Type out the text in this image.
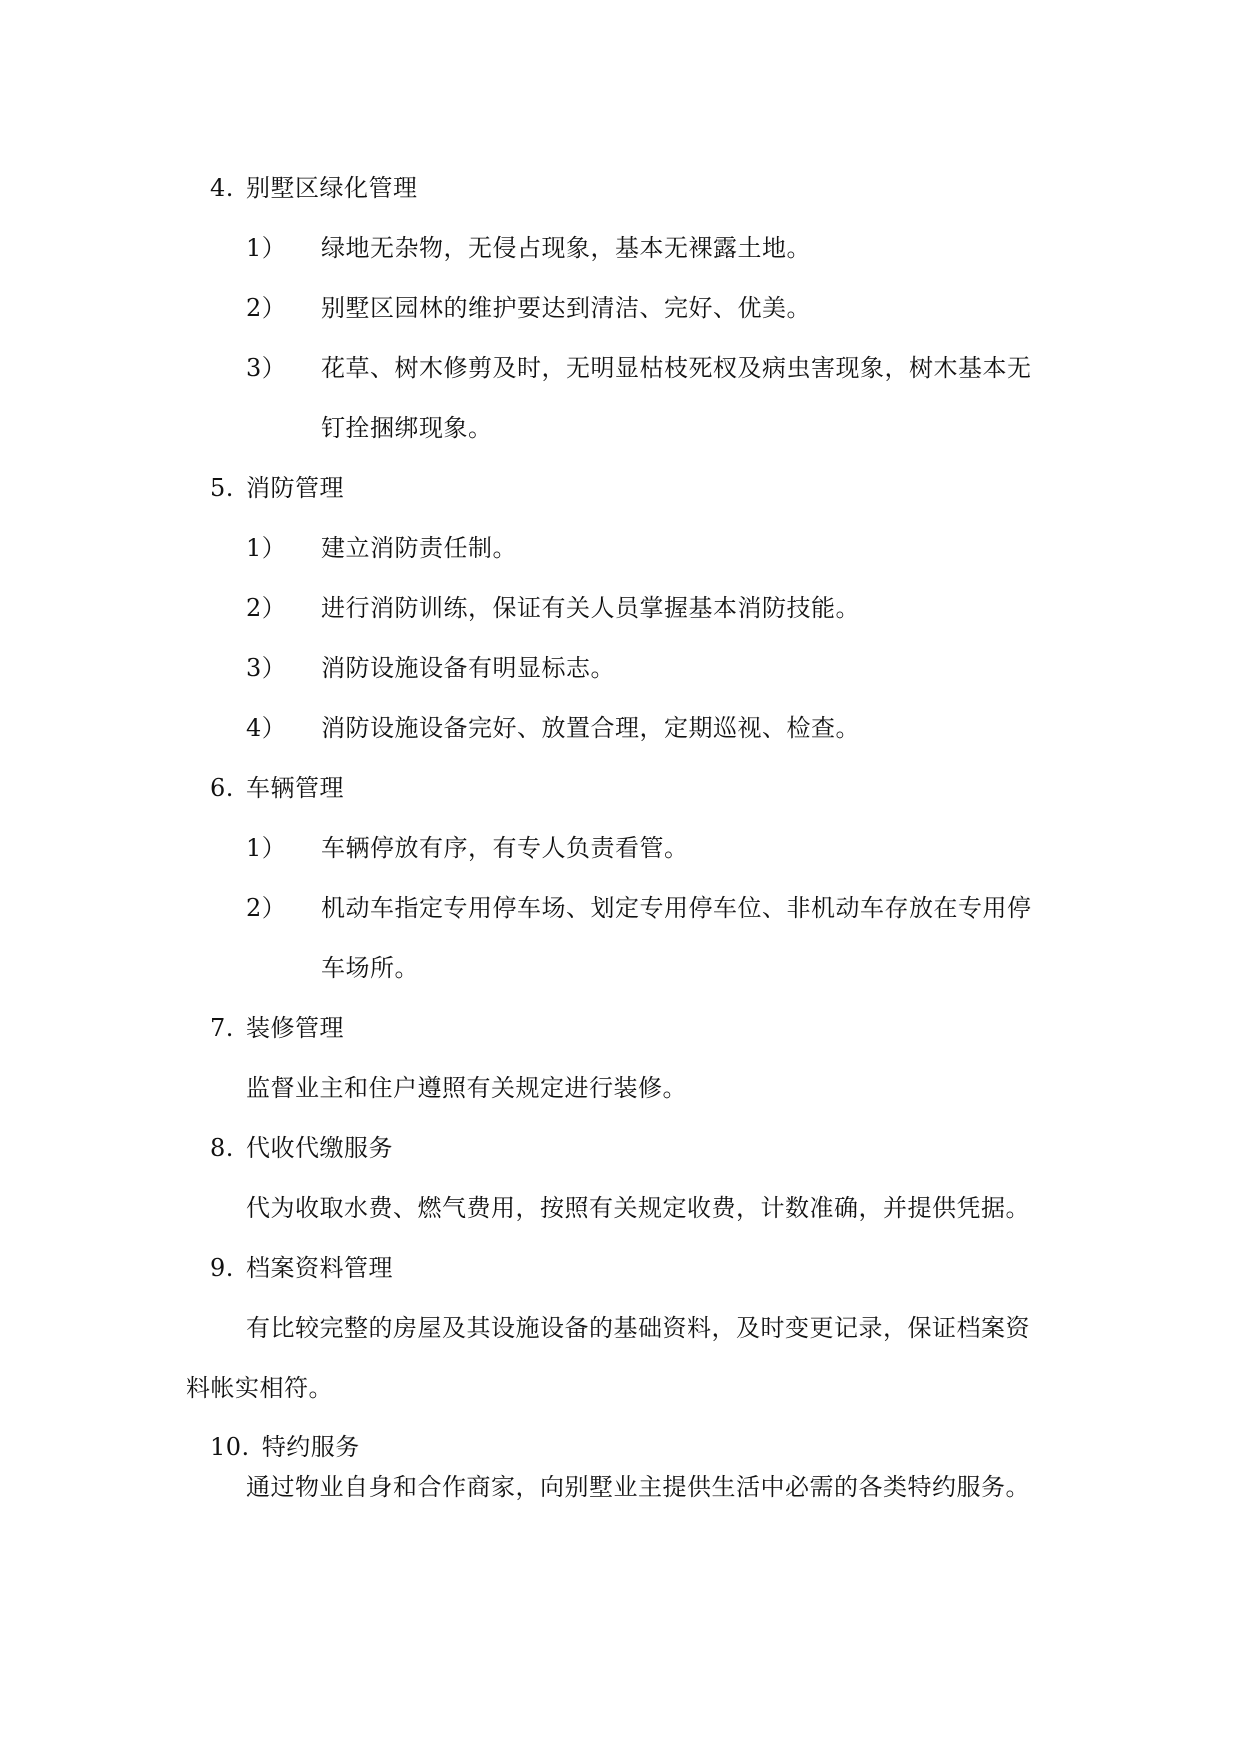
4. 别墅区绿化管理
1） 绿地无杂物，无侵占现象，基本无裸露土地。
2） 别墅区园林的维护要达到清洁、完好、优美。
3） 花草、树木修剪及时，无明显枯枝死杈及病虫害现象，树木基本无
钉拴捆绑现象。
5. 消防管理
1） 建立消防责任制。
2） 进行消防训练，保证有关人员掌握基本消防技能。
3） 消防设施设备有明显标志。
4） 消防设施设备完好、放置合理，定期巡视、检查。
6. 车辆管理
1） 车辆停放有序，有专人负责看管。
2） 机动车指定专用停车场、划定专用停车位、非机动车存放在专用停
车场所。
7. 装修管理
监督业主和住户遵照有关规定进行装修。
8. 代收代缴服务
代为收取水费、燃气费用，按照有关规定收费，计数准确，并提供凭据。
9. 档案资料管理
有比较完整的房屋及其设施设备的基础资料，及时变更记录，保证档案资
料帐实相符。
10. 特约服务
通过物业自身和合作商家，向别墅业主提供生活中必需的各类特约服务。
